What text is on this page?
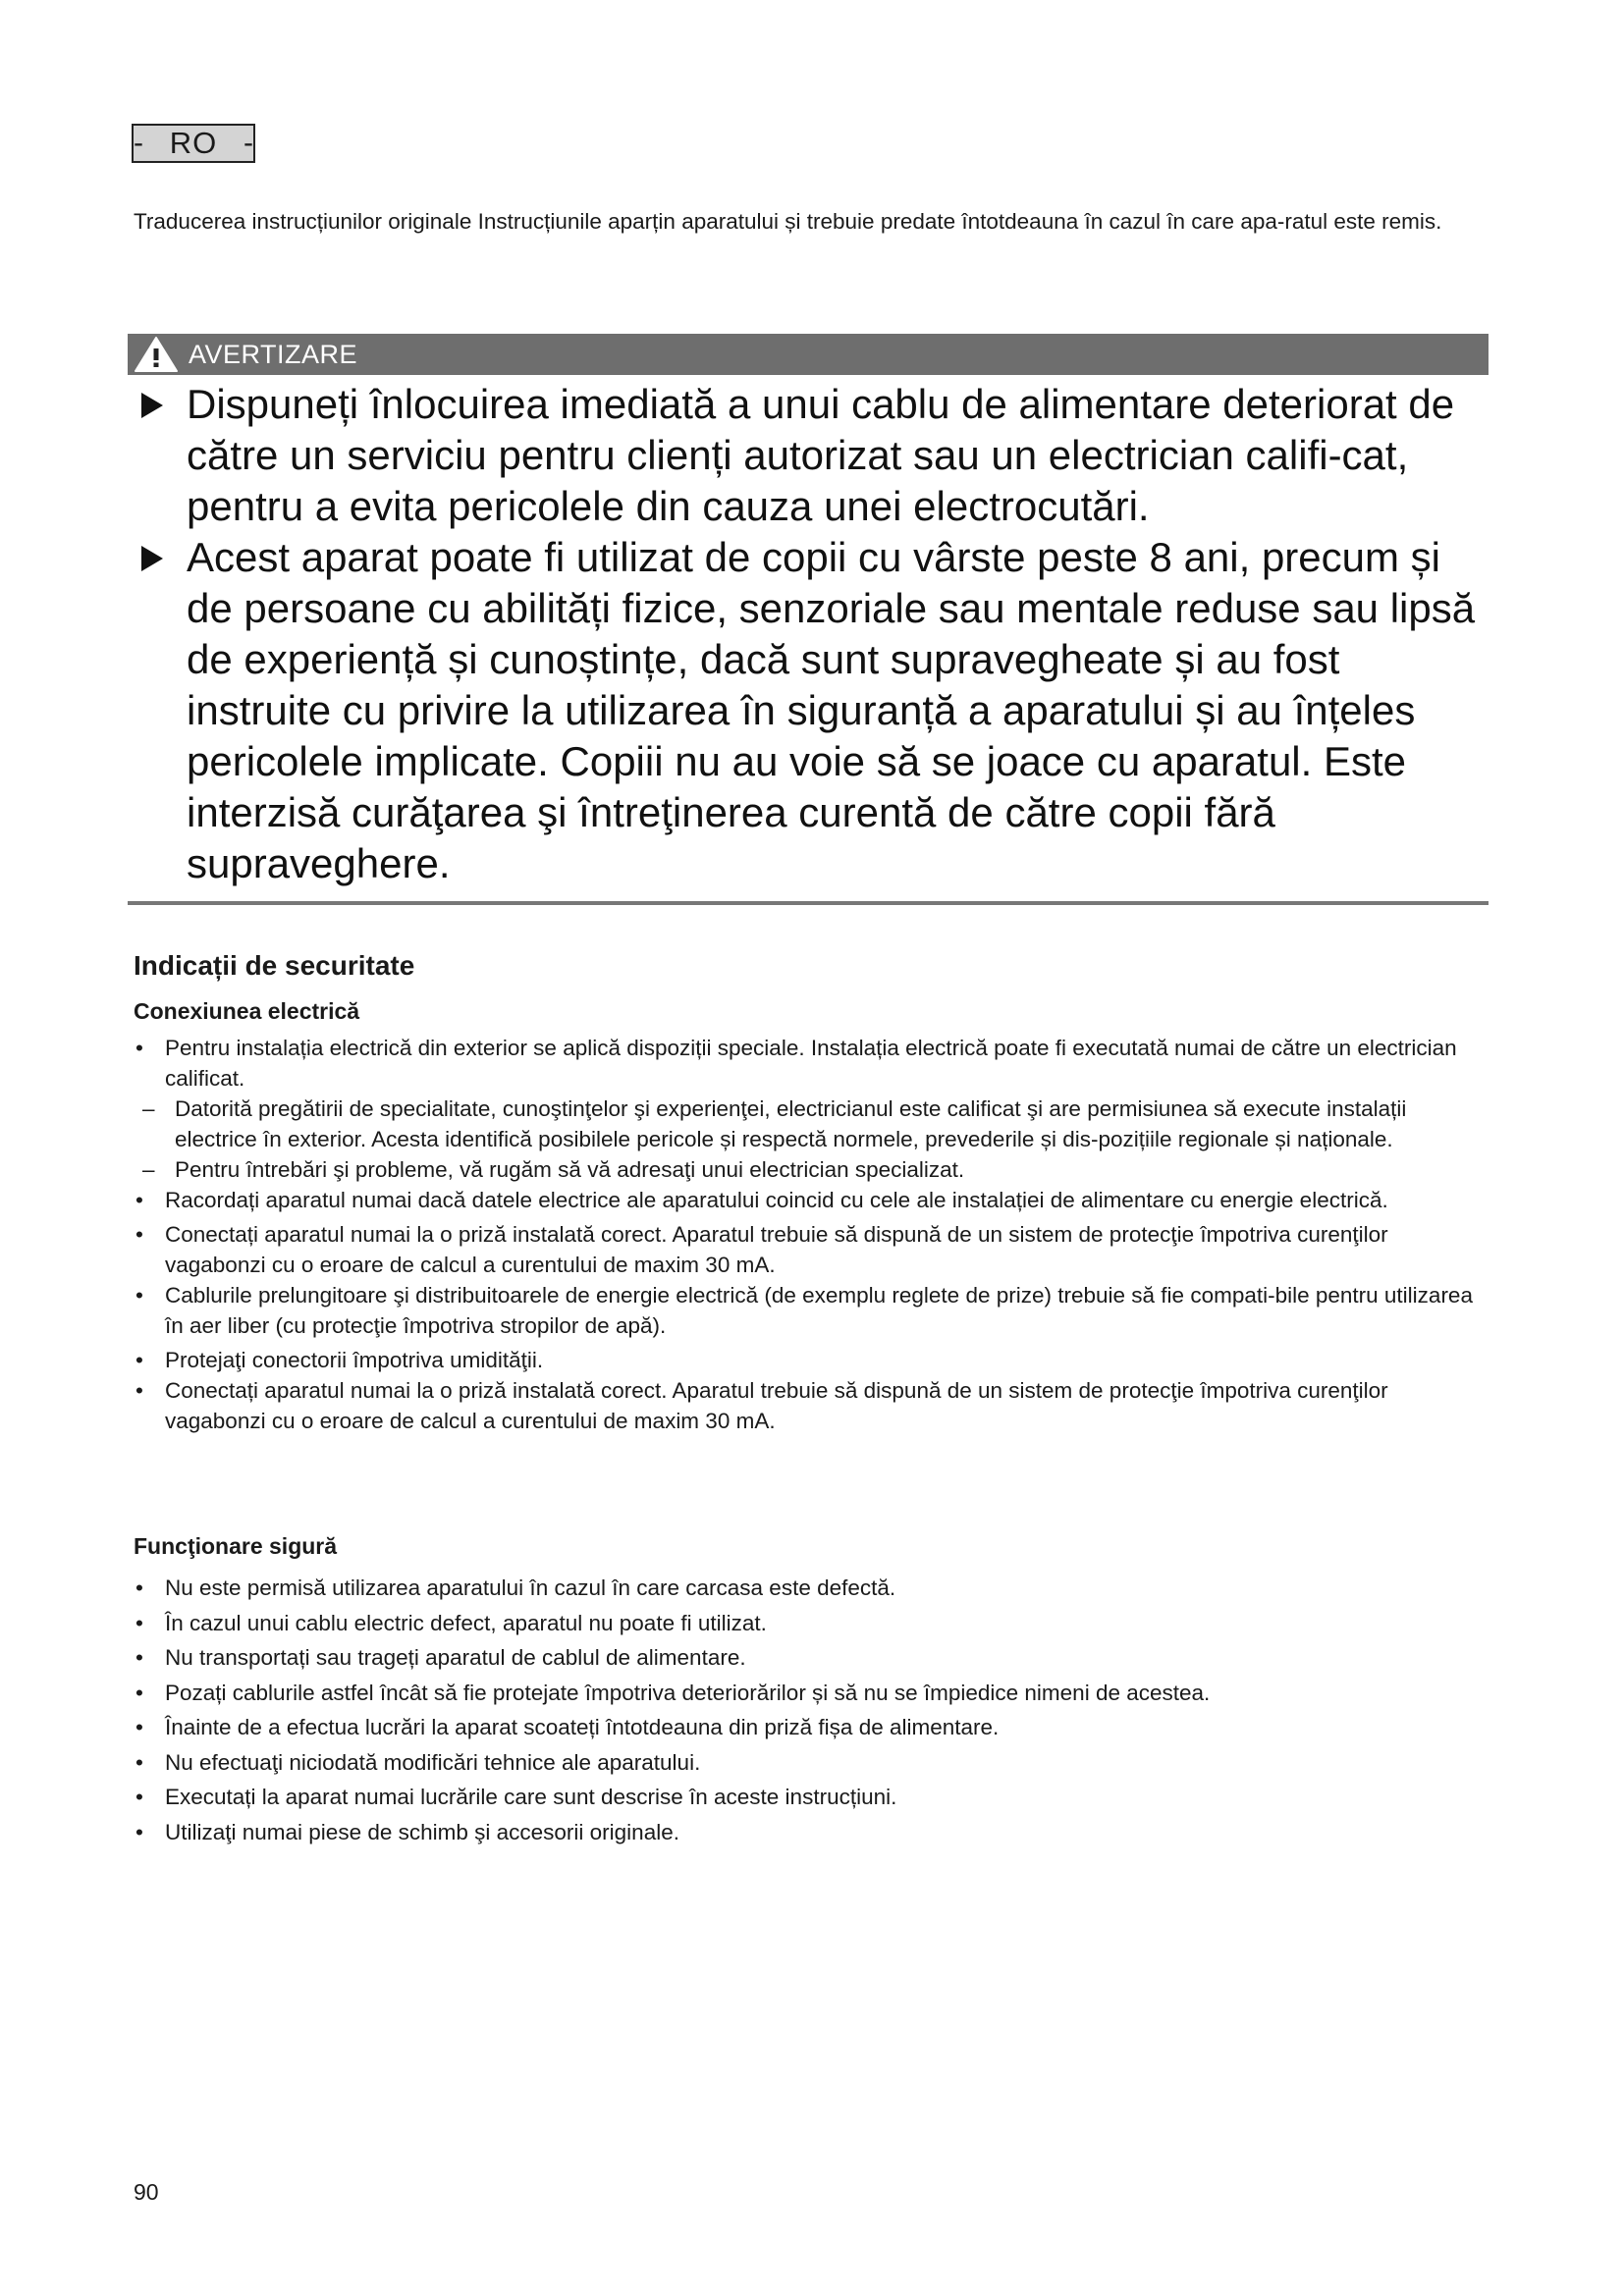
- RO -
Traducerea instrucțiunilor originale Instrucțiunile aparțin aparatului și trebuie predate întotdeauna în cazul în care apa-ratul este remis.
AVERTIZARE
Dispuneți înlocuirea imediată a unui cablu de alimentare deteriorat de către un serviciu pentru clienți autorizat sau un electrician califi-cat, pentru a evita pericolele din cauza unei electrocutări.
Acest aparat poate fi utilizat de copii cu vârste peste 8 ani, precum și de persoane cu abilități fizice, senzoriale sau mentale reduse sau lipsă de experiență și cunoștințe, dacă sunt supravegheate și au fost instruite cu privire la utilizarea în siguranță a aparatului și au înțeles pericolele implicate. Copiii nu au voie să se joace cu aparatul. Este interzisă curăţarea şi întreţinerea curentă de către copii fără supraveghere.
Indicații de securitate
Conexiunea electrică
• Pentru instalația electrică din exterior se aplică dispoziții speciale. Instalația electrică poate fi executată numai de către un electrician calificat.
– Datorită pregătirii de specialitate, cunoştinţelor şi experienţei, electricianul este calificat şi are permisiunea să execute instalații electrice în exterior. Acesta identifică posibilele pericole și respectă normele, prevederile și dis-pozițiile regionale și naționale.
– Pentru întrebări şi probleme, vă rugăm să vă adresaţi unui electrician specializat.
• Racordați aparatul numai dacă datele electrice ale aparatului coincid cu cele ale instalației de alimentare cu energie electrică.
• Conectați aparatul numai la o priză instalată corect. Aparatul trebuie să dispună de un sistem de protecţie împotriva curenţilor vagabonzi cu o eroare de calcul a curentului de maxim 30 mA.
• Cablurile prelungitoare şi distribuitoarele de energie electrică (de exemplu reglete de prize) trebuie să fie compati-bile pentru utilizarea în aer liber (cu protecţie împotriva stropilor de apă).
• Protejaţi conectorii împotriva umidităţii.
• Conectați aparatul numai la o priză instalată corect. Aparatul trebuie să dispună de un sistem de protecţie împotriva curenţilor vagabonzi cu o eroare de calcul a curentului de maxim 30 mA.
Funcţionare sigură
• Nu este permisă utilizarea aparatului în cazul în care carcasa este defectă.
• În cazul unui cablu electric defect, aparatul nu poate fi utilizat.
• Nu transportați sau trageți aparatul de cablul de alimentare.
• Pozați cablurile astfel încât să fie protejate împotriva deteriorărilor și să nu se împiedice nimeni de acestea.
• Înainte de a efectua lucrări la aparat scoateți întotdeauna din priză fișa de alimentare.
• Nu efectuaţi niciodată modificări tehnice ale aparatului.
• Executați la aparat numai lucrările care sunt descrise în aceste instrucțiuni.
• Utilizaţi numai piese de schimb şi accesorii originale.
90
